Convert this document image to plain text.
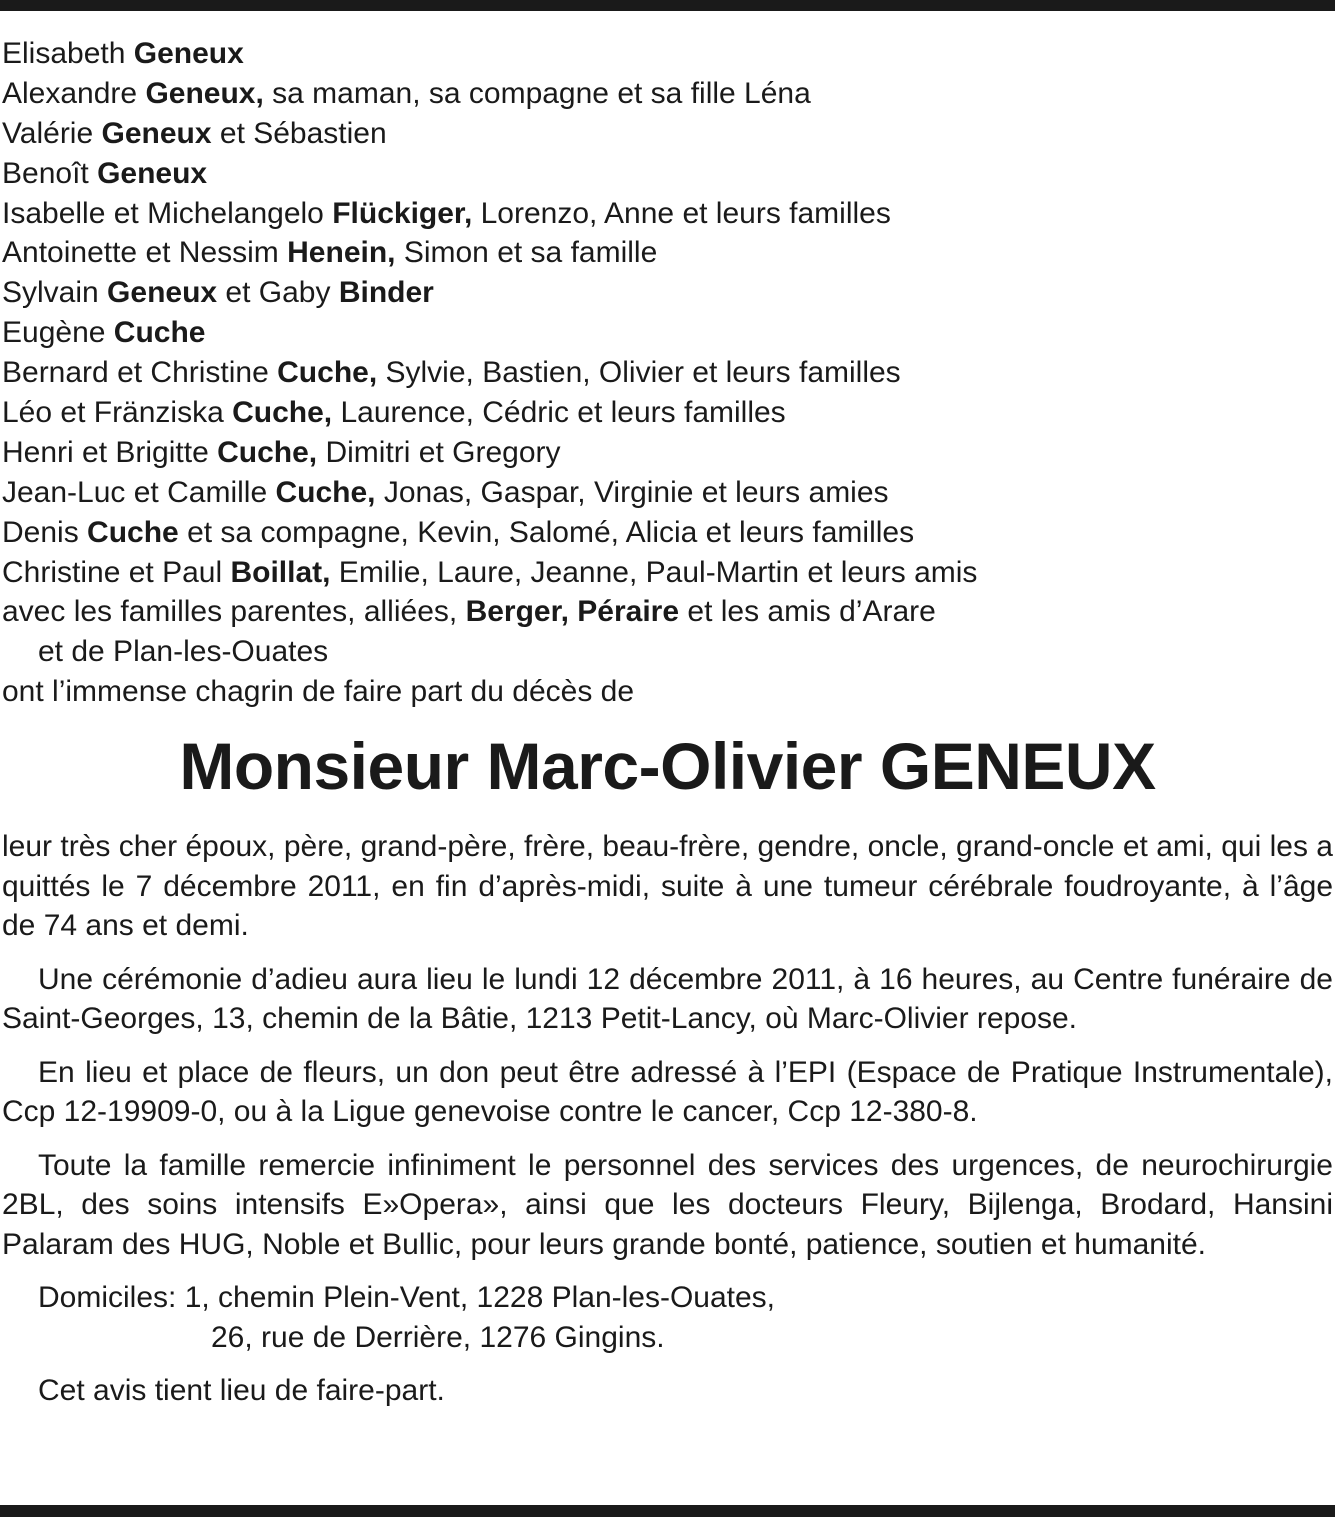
Elisabeth Geneux
Alexandre Geneux, sa maman, sa compagne et sa fille Léna
Valérie Geneux et Sébastien
Benoît Geneux
Isabelle et Michelangelo Flückiger, Lorenzo, Anne et leurs familles
Antoinette et Nessim Henein, Simon et sa famille
Sylvain Geneux et Gaby Binder
Eugène Cuche
Bernard et Christine Cuche, Sylvie, Bastien, Olivier et leurs familles
Léo et Fränziska Cuche, Laurence, Cédric et leurs familles
Henri et Brigitte Cuche, Dimitri et Gregory
Jean-Luc et Camille Cuche, Jonas, Gaspar, Virginie et leurs amies
Denis Cuche et sa compagne, Kevin, Salomé, Alicia et leurs familles
Christine et Paul Boillat, Emilie, Laure, Jeanne, Paul-Martin et leurs amis
avec les familles parentes, alliées, Berger, Péraire et les amis d’Arare
et de Plan-les-Ouates
ont l’immense chagrin de faire part du décès de
Monsieur Marc-Olivier GENEUX

leur très cher époux, père, grand-père, frère, beau-frère, gendre, oncle, grand-oncle et ami, qui les a quittés le 7 décembre 2011, en fin d’après-midi, suite à une tumeur cérébrale foudroyante, à l’âge de 74 ans et demi.

Une cérémonie d’adieu aura lieu le lundi 12 décembre 2011, à 16 heures, au Centre funéraire de Saint-Georges, 13, chemin de la Bâtie, 1213 Petit-Lancy, où Marc-Olivier repose.

En lieu et place de fleurs, un don peut être adressé à l’EPI (Espace de Pratique Instrumentale), Ccp 12-19909-0, ou à la Ligue genevoise contre le cancer, Ccp 12-380-8.

Toute la famille remercie infiniment le personnel des services des urgences, de neurochirurgie 2BL, des soins intensifs E»Opera», ainsi que les docteurs Fleury, Bijlenga, Brodard, Hansini Palaram des HUG, Noble et Bullic, pour leurs grande bonté, patience, soutien et humanité.

Domiciles: 1, chemin Plein-Vent, 1228 Plan-les-Ouates,
26, rue de Derrière, 1276 Gingins.
Cet avis tient lieu de faire-part.
